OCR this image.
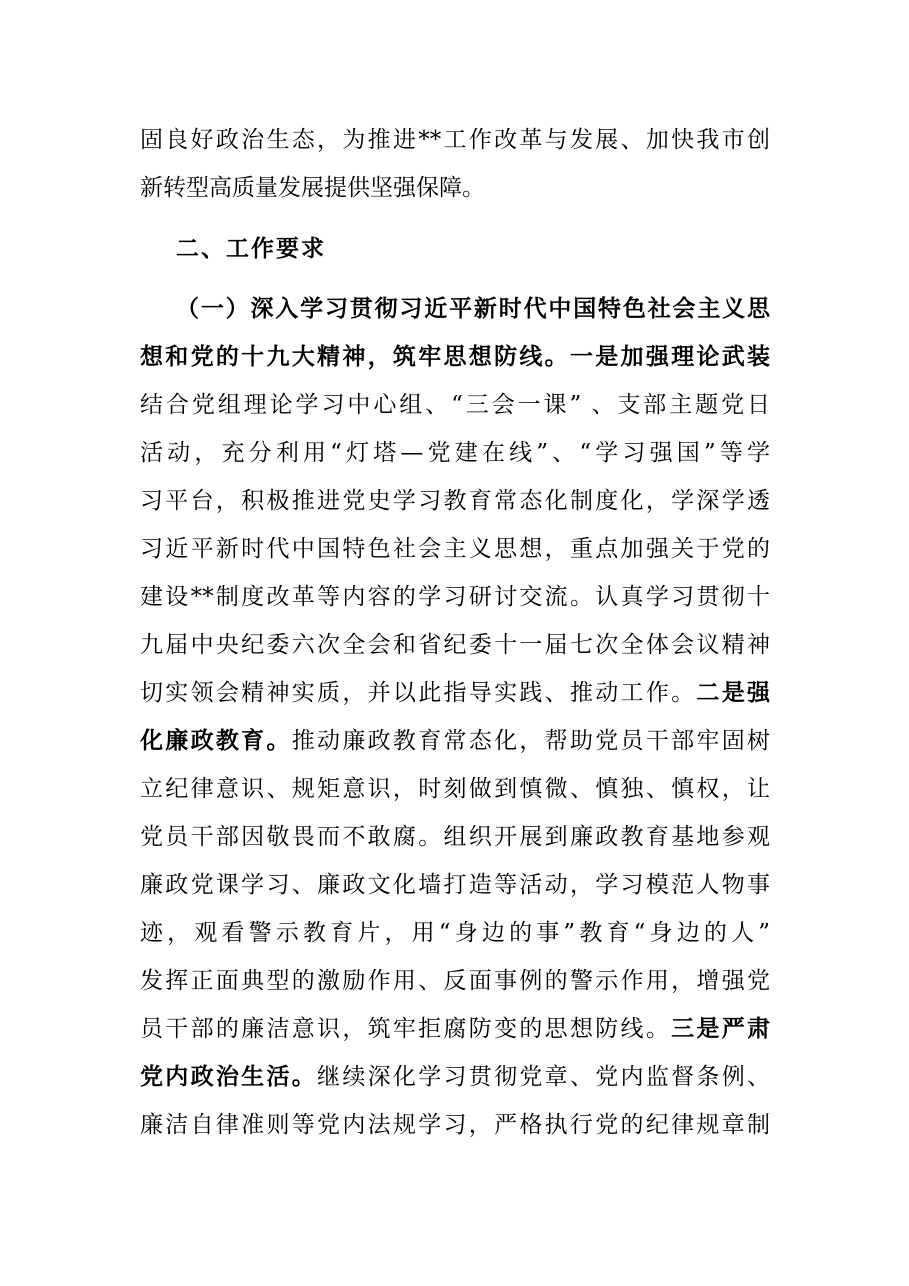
固良好政治生态，为推进**工作改革与发展、加快我市创
新转型高质量发展提供坚强保障。
二、工作要求
（一）深入学习贯彻习近平新时代中国特色社会主义思
想和党的十九大精神，筑牢思想防线。一是加强理论武装
结合党组理论学习中心组、“三会一课” 、支部主题党日
活动，充分利用“灯塔—党建在线”、“学习强国”等学
习平台，积极推进党史学习教育常态化制度化，学深学透
习近平新时代中国特色社会主义思想，重点加强关于党的
建设**制度改革等内容的学习研讨交流。认真学习贯彻十
九届中央纪委六次全会和省纪委十一届七次全体会议精神
切实领会精神实质，并以此指导实践、推动工作。二是强
化廉政教育。推动廉政教育常态化，帮助党员干部牢固树
立纪律意识、规矩意识，时刻做到慎微、慎独、慎权，让
党员干部因敬畏而不敢腐。组织开展到廉政教育基地参观
廉政党课学习、廉政文化墙打造等活动，学习模范人物事
迹，观看警示教育片，用“身边的事”教育“身边的人”
发挥正面典型的激励作用、反面事例的警示作用，增强党
员干部的廉洁意识，筑牢拒腐防变的思想防线。三是严肃
党内政治生活。继续深化学习贯彻党章、党内监督条例、
廉洁自律准则等党内法规学习，严格执行党的纪律规章制
